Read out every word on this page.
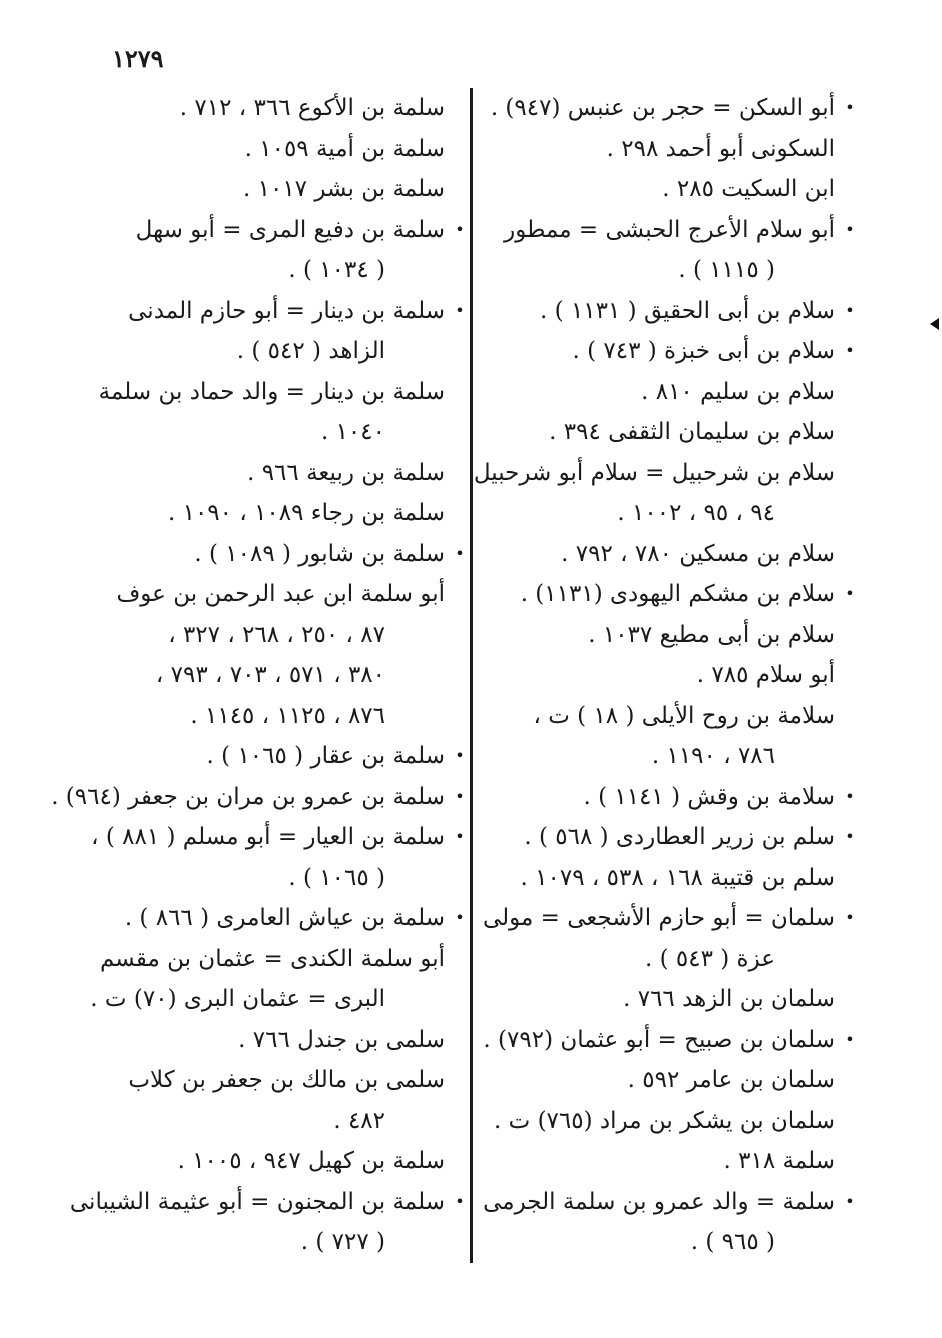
١٢٧٩
•
أبو السكن = حجر بن عنبس (٩٤٧) .
السكونى أبو أحمد ٢٩٨ .
ابن السكيت ٢٨٥ .
•
أبو سلام الأعرج الحبشى = ممطور
( ١١١٥ ) .
•
سلام بن أبى الحقيق ( ١١٣١ ) .
•
سلام بن أبى خبزة ( ٧٤٣ ) .
سلام بن سليم ٨١٠ .
سلام بن سليمان الثقفى ٣٩٤ .
سلام بن شرحبيل = سلام أبو شرحبيل
٩٤ ، ٩٥ ، ١٠٠٢ .
سلام بن مسكين ٧٨٠ ، ٧٩٢ .
•
سلام بن مشكم اليهودى (١١٣١) .
سلام بن أبى مطيع ١٠٣٧ .
أبو سلام ٧٨٥ .
سلامة بن روح الأيلى ( ١٨ ) ت ،
٧٨٦ ، ١١٩٠ .
•
سلامة بن وقش ( ١١٤١ ) .
•
سلم بن زرير العطاردى ( ٥٦٨ ) .
سلم بن قتيبة ١٦٨ ، ٥٣٨ ، ١٠٧٩ .
•
سلمان = أبو حازم الأشجعى = مولى
عزة ( ٥٤٣ ) .
سلمان بن الزهد ٧٦٦ .
•
سلمان بن صبيح = أبو عثمان (٧٩٢) .
سلمان بن عامر ٥٩٢ .
سلمان بن يشكر بن مراد (٧٦٥) ت .
سلمة ٣١٨ .
•
سلمة = والد عمرو بن سلمة الجرمى
( ٩٦٥ ) .
سلمة بن الأكوع ٣٦٦ ، ٧١٢ .
سلمة بن أمية ١٠٥٩ .
سلمة بن بشر ١٠١٧ .
•
سلمة بن دفيع المرى = أبو سهل
( ١٠٣٤ ) .
•
سلمة بن دينار = أبو حازم المدنى
الزاهد ( ٥٤٢ ) .
سلمة بن دينار = والد حماد بن سلمة
١٠٤٠ .
سلمة بن ربيعة ٩٦٦ .
سلمة بن رجاء ١٠٨٩ ، ١٠٩٠ .
•
سلمة بن شابور ( ١٠٨٩ ) .
أبو سلمة ابن عبد الرحمن بن عوف
٨٧ ، ٢٥٠ ، ٢٦٨ ، ٣٢٧ ،
٣٨٠ ، ٥٧١ ، ٧٠٣ ، ٧٩٣ ،
٨٧٦ ، ١١٢٥ ، ١١٤٥ .
•
سلمة بن عقار ( ١٠٦٥ ) .
•
سلمة بن عمرو بن مران بن جعفر (٩٦٤) .
•
سلمة بن العيار = أبو مسلم ( ٨٨١ ) ،
( ١٠٦٥ ) .
•
سلمة بن عياش العامرى ( ٨٦٦ ) .
أبو سلمة الكندى = عثمان بن مقسم
البرى = عثمان البرى (٧٠) ت .
سلمى بن جندل ٧٦٦ .
سلمى بن مالك بن جعفر بن كلاب
٤٨٢ .
سلمة بن كهيل ٩٤٧ ، ١٠٠٥ .
•
سلمة بن المجنون = أبو عثيمة الشيبانى
( ٧٢٧ ) .
